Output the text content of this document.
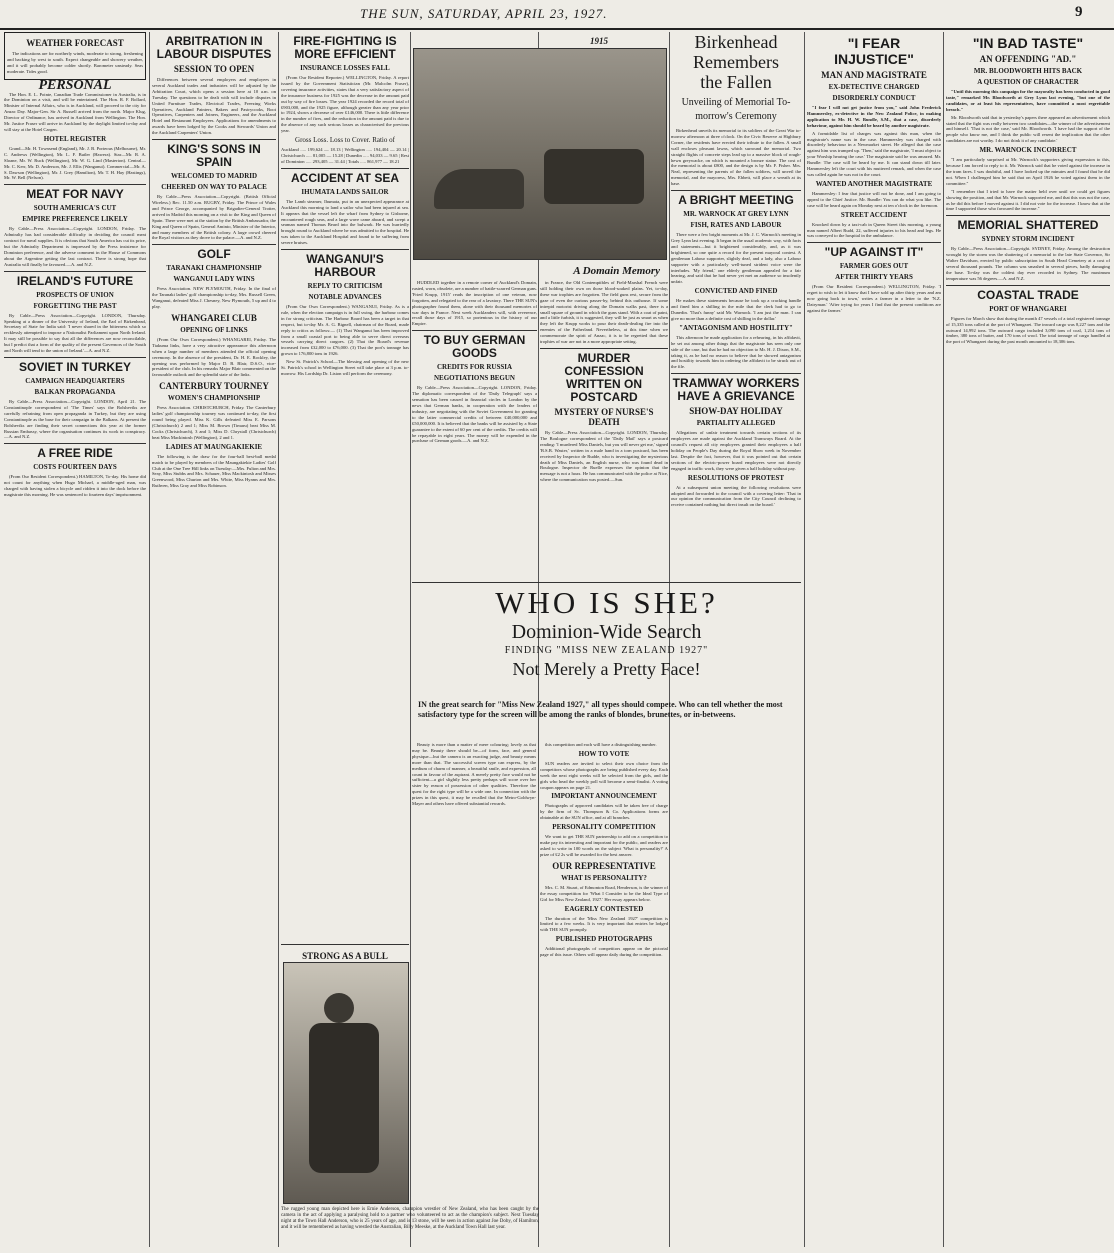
THE SUN, SATURDAY, APRIL 23, 1927.	9
WEATHER FORECAST

The indications are for northerly winds, moderate to strong, freshening and backing by west to south. Expect changeable and showery weather, and it will probably become colder shortly. Barometer unsteady. Seas moderate. Tides good.

PERSONAL

The Hon. E. L. Pointe, Canadian Trade Commissioner in Australia, is in the Dominion on a visit, and will be entertained. The Hon. R. F. Bollard, Minister of Internal Affairs, who is in Auckland, will proceed to the city for Anzac Day. Major-Gen. Sir A. Russell arrived from the north. Major Klug, Director of Ordinance, has arrived in Auckland from Wellington. The Hon. Mr. Justice Fraser will arrive in Auckland by the daylight limited to-day and will stay at the Hotel Cargen.

HOTEL REGISTER

Grand—Mr. H. Townsend (England), Mr. J. B. Porteous (Melbourne), Mr. C. Andrews (Wellington), Mr. L. F. Butler (Hawera). Star—Mr. R. A. Sloane, Mr. W. Ruck (Wellington), Mr. W. G. Lind (Masterton). Central—Mr. C. Kerr, Mr. D. Anderson, Mr. J. Ellis (Wanganui). Commercial—Mr. A. S. Dawson (Wellington), Mr. J. Grey (Hamilton), Mr. T. H. Hay (Hastings), Mr. W. Bell (Nelson).

MEAT FOR NAVY
SOUTH AMERICA'S CUT
EMPIRE PREFERENCE LIKELY

By Cable—Press Association—Copyright. LONDON, Friday. The Admiralty has had considerable difficulty in deciding the council meat contract for naval supplies. It is obvious that South America has cut its price, but the Admiralty Department is impressed by the Press insistence for Dominion preference, and the adverse comment in the House of Commons about the Argentine getting the last contract. There is strong hope that Australia will finally be favoured.—A. and N.Z.

IRELAND'S FUTURE
PROSPECTS OF UNION
FORGETTING THE PAST

By Cable—Press Association—Copyright. LONDON, Thursday. Speaking at a dinner of the University of Ireland, the Earl of Birkenhead, Secretary of State for India said: 'I never shared in the bitterness which so recklessly attempted to impose a Nationalist Parliament upon North Ireland. It may still be possible to say that all the differences are now reconcilable, but I predict that a form of the quality of the present Governors of the South and North will tend to the union of Ireland.'—A. and N.Z.

SOVIET IN TURKEY
CAMPAIGN HEADQUARTERS
BALKAN PROPAGANDA

By Cable—Press Association—Copyright. LONDON, April 21. The Constantinople correspondent of 'The Times' says the Bolsheviks are carefully refraining from open propaganda in Turkey, but they are using Constantinople as the base for their campaign in the Balkans. At present the Bolsheviks are finding their secret connections this year at the former Russian Embassy, where the organisation continues its work in conspiracy.—A. and N.Z.

A FREE RIDE
COSTS FOURTEEN DAYS

(From Our Resident Correspondent.) HAMILTON, To-day. His home did not count for anything when Hugo Michael, a middle-aged man, was charged with having stolen a bicycle and ridden it into the dock before the magistrate this morning. He was sentenced to fourteen days' imprisonment.

ARBITRATION IN LABOUR DISPUTES
SESSION TO OPEN

Differences between several employers and employees in several Auckland trades and industries will be adjusted by the Arbitration Court, which opens a session here at 10 a.m. on Tuesday. The questions to be dealt with will include disputes in United Furniture Trades, Electrical Trades, Freezing Works Operatives, Auckland Painters, Bakers and Pastrycooks, Boot Operatives, Carpenters and Joiners, Engineers, and the Auckland Hotel and Restaurant Employees. Applications for amendments to awards have been lodged by the Cooks and Stewards' Union and the Auckland Carpenters' Union.

KING'S SONS IN SPAIN
WELCOMED TO MADRID
CHEERED ON WAY TO PALACE

By Cable—Press Association—Copyright. (British Official Wireless.) Rec. 11.50 a.m. RUGBY, Friday. The Prince of Wales and Prince George, accompanied by Brigadier-General Trotter, arrived in Madrid this morning on a visit to the King and Queen of Spain. There were met at the station by the British Ambassador, the King and Queen of Spain, General Aminto, Minister of the Interior, and many members of the British colony. A large crowd cheered the Royal visitors as they drove to the palace.—A. and N.Z.

GOLF
TARANAKI CHAMPIONSHIP
WANGANUI LADY WINS

Press Association. NEW PLYMOUTH, Friday. In the final of the Taranaki ladies' golf championship to-day, Mrs. Russell Green, Wanganui, defeated Miss J. Chesney, New Plymouth, 5 up and 4 to play.

WHANGAREI CLUB
OPENING OF LINKS

(From Our Own Correspondent.) WHANGAREI, Friday. The Tiakuma links, have a very attractive appearance this afternoon when a large number of members attended the official opening ceremony. In the absence of the president, Dr. H. E. Rockley, the opening was performed by Major D. B. Blair, D.S.O., vice-president of the club. In his remarks Major Blair commented on the favourable outlook and the splendid state of the links.

CANTERBURY TOURNEY
WOMEN'S CHAMPIONSHIP

Press Association. CHRISTCHURCH, Friday. The Canterbury ladies' golf championship tourney was continued to-day, the first round being played. Miss K. Gills defeated Miss E. Parsons (Christchurch) 2 and 1; Miss M. Brown (Timaru) beat Miss M. Cocks (Christchurch), 3 and 1; Miss D. Chrystall (Christchurch) beat Miss Mackintosh (Wellington), 2 and 1.

LADIES AT MAUNGAKIEKIE

The following is the draw for the four-ball best-ball medal match to be played by members of the Maungakiekie Ladies' Golf Club at the One Tree Hill links on Tuesday:—Mrs. Fulton and Mrs. Seay, Miss Stubbs and Mrs. Schauer, Miss Mackintosh and Misses Greenwood, Miss Churton and Mrs. White, Miss Hyams and Mrs. Ruthven, Miss Gray and Miss Robinson.

FIRE-FIGHTING IS MORE EFFICIENT
INSURANCE LOSSES FALL

(From Our Resident Reporter.) WELLINGTON, Friday. A report issued by the Government Statistician (Mr. Malcolm Fraser), covering insurance activities, states that a very satisfactory aspect of the insurance business for 1925 was the decrease in the amount paid out by way of fire losses. The year 1924 recorded the record total of £903,000, and the 1925 figure, although greater than any year prior to 1924, shows a decrease of over £146,000. There is little difference in the number of fires, and the reduction in the amount paid is due to the absence of any such serious losses as characterised the previous year.

Gross Loss. Loss to Cover. Ratio of

Auckland ..... 199,624 — 18.13 | Wellington ..... 194,404 — 20.14 | Christchurch ..... 81,005 — 15.28 | Dunedin ..... 94,033 — 9.65 | Rest of Dominion ..... 293,405 — 31.44 | Totals ..... 861,977 — 18.21

ACCIDENT AT SEA
IHUMATA LANDS SAILOR

The Lamb steamer, Ihumata, put in an unexpected appearance at Auckland this morning to land a sailor who had been injured at sea. It appears that the vessel left the wharf from Sydney to Gisborne, encountered rough seas, and a large wave came aboard, and swept a seaman named Thomas Beard into the bulwark. He was hurriedly brought round to Auckland where he was admitted to the hospital. He was taken to the Auckland Hospital and found to be suffering from severe bruises.

WANGANUI'S HARBOUR
REPLY TO CRITICISM
NOTABLE ADVANCES

(From Our Own Correspondent.) WANGANUI, Friday. As is a rule, when the election campaign is in full swing, the harbour comes in for strong criticism. The Harbour Board has been a target in that respect, but to-day Mr. A. G. Bignell, chairman of the Board, made reply to critics as follows:— (1) That Wanganui has been improved from a small coastal port to being able to serve direct overseas vessels carrying direct cargoes. (2) That the Board's revenue increased from £32,000 to £76,000. (3) That the port's tonnage has grown to 176,800 tons in 1926.

New St. Patrick's School—The blessing and opening of the new St. Patrick's school in Wellington Street will take place at 3 p.m. to-morrow. His Lordship Dr. Liston will perform the ceremony.

1915
A Domain Memory

HUDDLED together in a remote corner of Auckland's Domain, rusted, worn, obsolete, are a number of battle-scarred German guns. 'Fried Krupp, 1915' reads the inscription of one veteran, now forgotten, and relegated to the rear of a lavatory. There THE SUN's photographer found them, alone with their thousand memories of war days in France. Next week Aucklanders will, with reverence, recall those days of 1915, so portentous in the history of our Empire.

TO BUY GERMAN GOODS
CREDITS FOR RUSSIA
NEGOTIATIONS BEGUN

By Cable—Press Association—Copyright. LONDON, Friday. The diplomatic correspondent of the 'Daily Telegraph' says a sensation has been caused in financial circles in London by the news that German banks, in cooperation with the leaders of industry, are negotiating with the Soviet Government for granting to the latter commercial credits of between £40,000,000 and £50,000,000. It is believed that the banks will be assisted by a State guarantee to the extent of 60 per cent of the credits. The credits will be repayable in eight years. The money will be expended in the purchase of German goods.—A. and N.Z.

in France, the Old Contemptibles of Field-Marshal French were still holding their own on those blood-soaked plains. Yet, to-day, these war trophies are forgotten. The field guns rest, secure from the gaze of even the curious passer-by, behind this outhouse. If some intrepid motorist driving along the Domain walks past, there is a small square of ground in which the guns stand. With a coat of paint, and a little furbish, it is suggested, they will be just as smart as when they left the Krupp works to pour their death-dealing fire into the enemies of the Fatherland. Nevertheless, at this time when we commemorate the spirit of Anzac, it is to be regretted that these trophies of war are not in a more appropriate setting.

MURDER CONFESSION WRITTEN ON POSTCARD
MYSTERY OF NURSE'S DEATH

By Cable—Press Association—Copyright. LONDON, Thursday. The Boulogne correspondent of the 'Daily Mail' says a postcard reading: 'I murdered Miss Daniels, but you will never get me,' signed 'B.S.B. Waster,' written in a male hand in a torn postcard, has been received by Inspector de Rudde, who is investigating the mysterious death of Miss Daniels, an English nurse, who was found dead in Boulogne. Inspector de Ruelle expresses the opinion that the message is not a hoax. He has communicated with the police at Nice, where the communication was posted.—Sun.

WHO IS SHE?
Dominion-Wide Search
FINDING "MISS NEW ZEALAND 1927"
Not Merely a Pretty Face!
IN the great search for "Miss New Zealand 1927," all types should compete. Who can tell whether the most satisfactory type for the screen will be among the ranks of blondes, brunettes, or in-betweens.

Beauty is more than a matter of mere colouring; lovely as that may be. Beauty there should be—of form, face, and general physique—but the camera is an exacting judge, and beauty means more than that. The successful screen type can express, by the medium of charm of manner, a beautiful smile, and expression, all count in favour of the aspirant. A merely pretty face would not be sufficient—a girl slightly less pretty perhaps will score over her sister by reason of possession of other qualities. Therefore the quest for the right type will be a wide one. In connection with the prizes in this quest, it may be recalled that the Metro-Goldwyn-Mayer and others have offered substantial rewards.

this competition and each will have a distinguishing number.

HOW TO VOTE

SUN readers are invited to select their own choice from the competitors whose photographs are being published every day. Each week the next eight weeks will be selected from the girls, and the girls who head the weekly poll will become a semi-finalist. A voting coupon appears on page 21.

IMPORTANT ANNOUNCEMENT

Photographs of approved candidates will be taken free of charge by the firm of Sc. Thompson & Co. Applications forms are obtainable at the SUN office, and at all branches.

PERSONALITY COMPETITION

We want to get THE SUN partnership to add on a competition to make pay its interesting and important for the public, and readers are asked to write in 100 words on the subject 'What is personality?' A prize of £2 2s will be awarded for the best answer.

OUR REPRESENTATIVE
WHAT IS PERSONALITY?

Mrs. C. M. Stuart, of Edmonton Road, Henderson, is the winner of the essay competition for 'What I Consider to be the Ideal Type of Girl for Miss New Zealand, 1927.' Her essay appears below.

EAGERLY CONTESTED

The duration of the 'Miss New Zealand 1927' competition is limited to a few weeks. It is very important that entries be lodged with THE SUN promptly.

PUBLISHED PHOTOGRAPHS

Additional photographs of competitors appear on the pictorial page of this issue. Others will appear daily during the competition.

STRONG AS A BULL
The rugged young man depicted here is Ernie Anderson, champion wrestler of New Zealand, who has been caught by the camera in the act of applying a paralysing hold to a partner who volunteered to act as the champion's subject. Next Tuesday night at the Town Hall Anderson, who is 25 years of age, and is 13 stone, will be seen in action against Joe Doby, of Hamilton, and it will be remembered as having wrestled the Australian, Billy Meeske, at the Auckland Town Hall last year.
Birkenhead
Remembers
the Fallen
Unveiling of Memorial To-morrow's Ceremony

Birkenhead unveils its memorial to its soldiers of the Great War to-morrow afternoon at three o'clock. On the Civic Reserve at Highbury Corner, the residents have erected their tribute to the fallen. A small wall encloses pleasant lawns, which surround the memorial. Two straight flights of concrete steps lead up to a massive block of rough-hewn greywacke, on which is mounted a bronze statue. The cost of the memorial is about £800, and the design is by Mr. F. Fisher. Mrs. Neal, representing the parents of the fallen soldiers, will unveil the memorial, and the mayoress, Mrs. Ebbett, will place a wreath at its base.

A BRIGHT MEETING
MR. WARNOCK AT GREY LYNN
FISH, RATES AND LABOUR

There were a few bright moments at Mr. J. C. Warnock's meeting in Grey Lynn last evening. It began in the usual academic way, with facts and statements—but it brightened considerably, and, as it was brightened, so one quite a record for the present mayoral contest. A gentleman Labour supporter, slightly deaf, and a lady, also a Labour supporter with a particularly well-tuned strident voice were the interludes. 'My friend,' one elderly gentleman appealed for a fair hearing, and said that he had never yet met an audience so insolently unfair.

CONVICTED AND FINED

He makes these statements because he took up a cracking handle and fined him a shilling in the mile that the clerk had to go to Dunedin. 'That's funny' said Mr. Warnock. 'I am just the man. I can give no more than a definite cost of shilling in the dollar.'

"ANTAGONISM AND HOSTILITY"

This afternoon he made application for a rehearing, in his affidavit, he set out among other things that the magistrate has seen only one side of the case, but that he had no objection to Mr. H. J. Dixon, S.M., taking it, as he had no reason to believe that he showed antagonism and hostility towards him in ordering the affidavit to be struck out of the file.

TRAMWAY WORKERS HAVE A GRIEVANCE
SHOW-DAY HOLIDAY
PARTIALITY ALLEGED

Allegations of unfair treatment towards certain sections of its employees are made against the Auckland Tramways Board. At the council's request all city employees granted their employees a half holiday on People's Day during the Royal Show week in November last. Despite the fact, however, that it was pointed out that certain sections of the electric-power board employees were not directly engaged in traffic work, they were given a half holiday without pay.

RESOLUTIONS OF PROTEST

At a subsequent union meeting the following resolutions were adopted and forwarded to the council with a covering letter: 'That in our opinion the communication from the City Council declining to receive contained nothing but direct insult on the board.'

"I FEAR INJUSTICE"
MAN AND MAGISTRATE
EX-DETECTIVE CHARGED
DISORDERLY CONDUCT

"I fear I will not get justice from you," said John Frederick Hammersley, ex-detective in the New Zealand Police, in making application to Mr. H. W. Bundle, S.M., that a case, disorderly behaviour, against him should be heard by another magistrate.

A formidable list of charges was against this man, when the magistrate's name was in the case. Hammersley was charged with disorderly behaviour in a Newmarket street. He alleged that the case against him was trumped up. 'Then,' said the magistrate, 'I must object to your Worship hearing the case.' The magistrate said he was amazed. Mr. Bundle: The case will be heard by me. It can stand down till later. Hammersley left the court with his muttered remark, and when the case was called again he was not in the court.

WANTED ANOTHER MAGISTRATE

Hammersley: I fear that justice will not be done, and I am going to appeal to the Chief Justice. Mr. Bundle: You can do what you like. The case will be heard again on Monday next at ten o'clock in the forenoon.

STREET ACCIDENT

Knocked down by a taxi-cab in Queen Street this morning, a young man named Albert Rudd, 22, suffered injuries to his head and legs. He was conveyed to the hospital in the ambulance.

"UP AGAINST IT"
FARMER GOES OUT
AFTER THIRTY YEARS

(From Our Resident Correspondent.) WELLINGTON, Friday. 'I regret to wish to let it know that I have sold up after thirty years and am now going back to town,' writes a farmer in a letter to the 'N.Z. Dairyman.' 'After trying for years I find that the present conditions are against the farmer.'

"IN BAD TASTE"
AN OFFENDING "AD."
MR. BLOODWORTH HITS BACK
A QUESTION OF CHARACTER

"Until this morning this campaign for the mayoralty has been conducted in good taste," remarked Mr. Bloodworth at Grey Lynn last evening, "but one of the candidates, or at least his representatives, have committed a most regrettable breach."

Mr. Bloodworth said that in yesterday's papers there appeared an advertisement which stated that the fight was really between two candidates—the winner of the advertisement and himself. 'That is not the case,' said Mr. Bloodworth. 'I have had the support of the people who know me, and I think the public will resent the implication that the other candidates are not worthy. I do not think it of any candidate.'

MR. WARNOCK INCORRECT

"I am particularly surprised at Mr. Warnock's supporters giving expression to this, because I am forced to reply to it. Mr. Warnock said that he voted against the increase in the tram fares. I was doubtful, and I have looked up the minutes and I found that he did not. When I challenged him he said that on April 1926 he voted against them in the committee."

"I remember that I tried to have the matter held over until we could get figures showing the position, and that Mr. Warnock supported me, and that this was not the case, as he did this before I moved against it. I did not vote for the increase. I know that at the time I supported those who favoured the increase."

MEMORIAL SHATTERED
SYDNEY STORM INCIDENT

By Cable—Press Association—Copyright. SYDNEY, Friday. Among the destruction wrought by the storm was the shattering of a memorial to the late State Governor, Sir Walter Davidson, erected by public subscription in South Head Cemetery at a cost of several thousand pounds. The column was smashed in several pieces, badly damaging the base. To-day was the coldest day ever recorded in Sydney. The maximum temperature was 56 degrees.—A. and N.Z.

COASTAL TRADE
PORT OF WHANGAREI

Figures for March show that during the month 47 vessels of a total registered tonnage of 15,335 tons called at the port of Whangarei. The inward cargo was 8,227 tons and the outward 14,992 tons. The outward cargo included 3,090 tons of coal, 1,214 tons of timber, 380 tons of butter, and 170 tons of wool. The total tonnage of cargo handled at the port of Whangarei during the past month amounted to 18,306 tons.
